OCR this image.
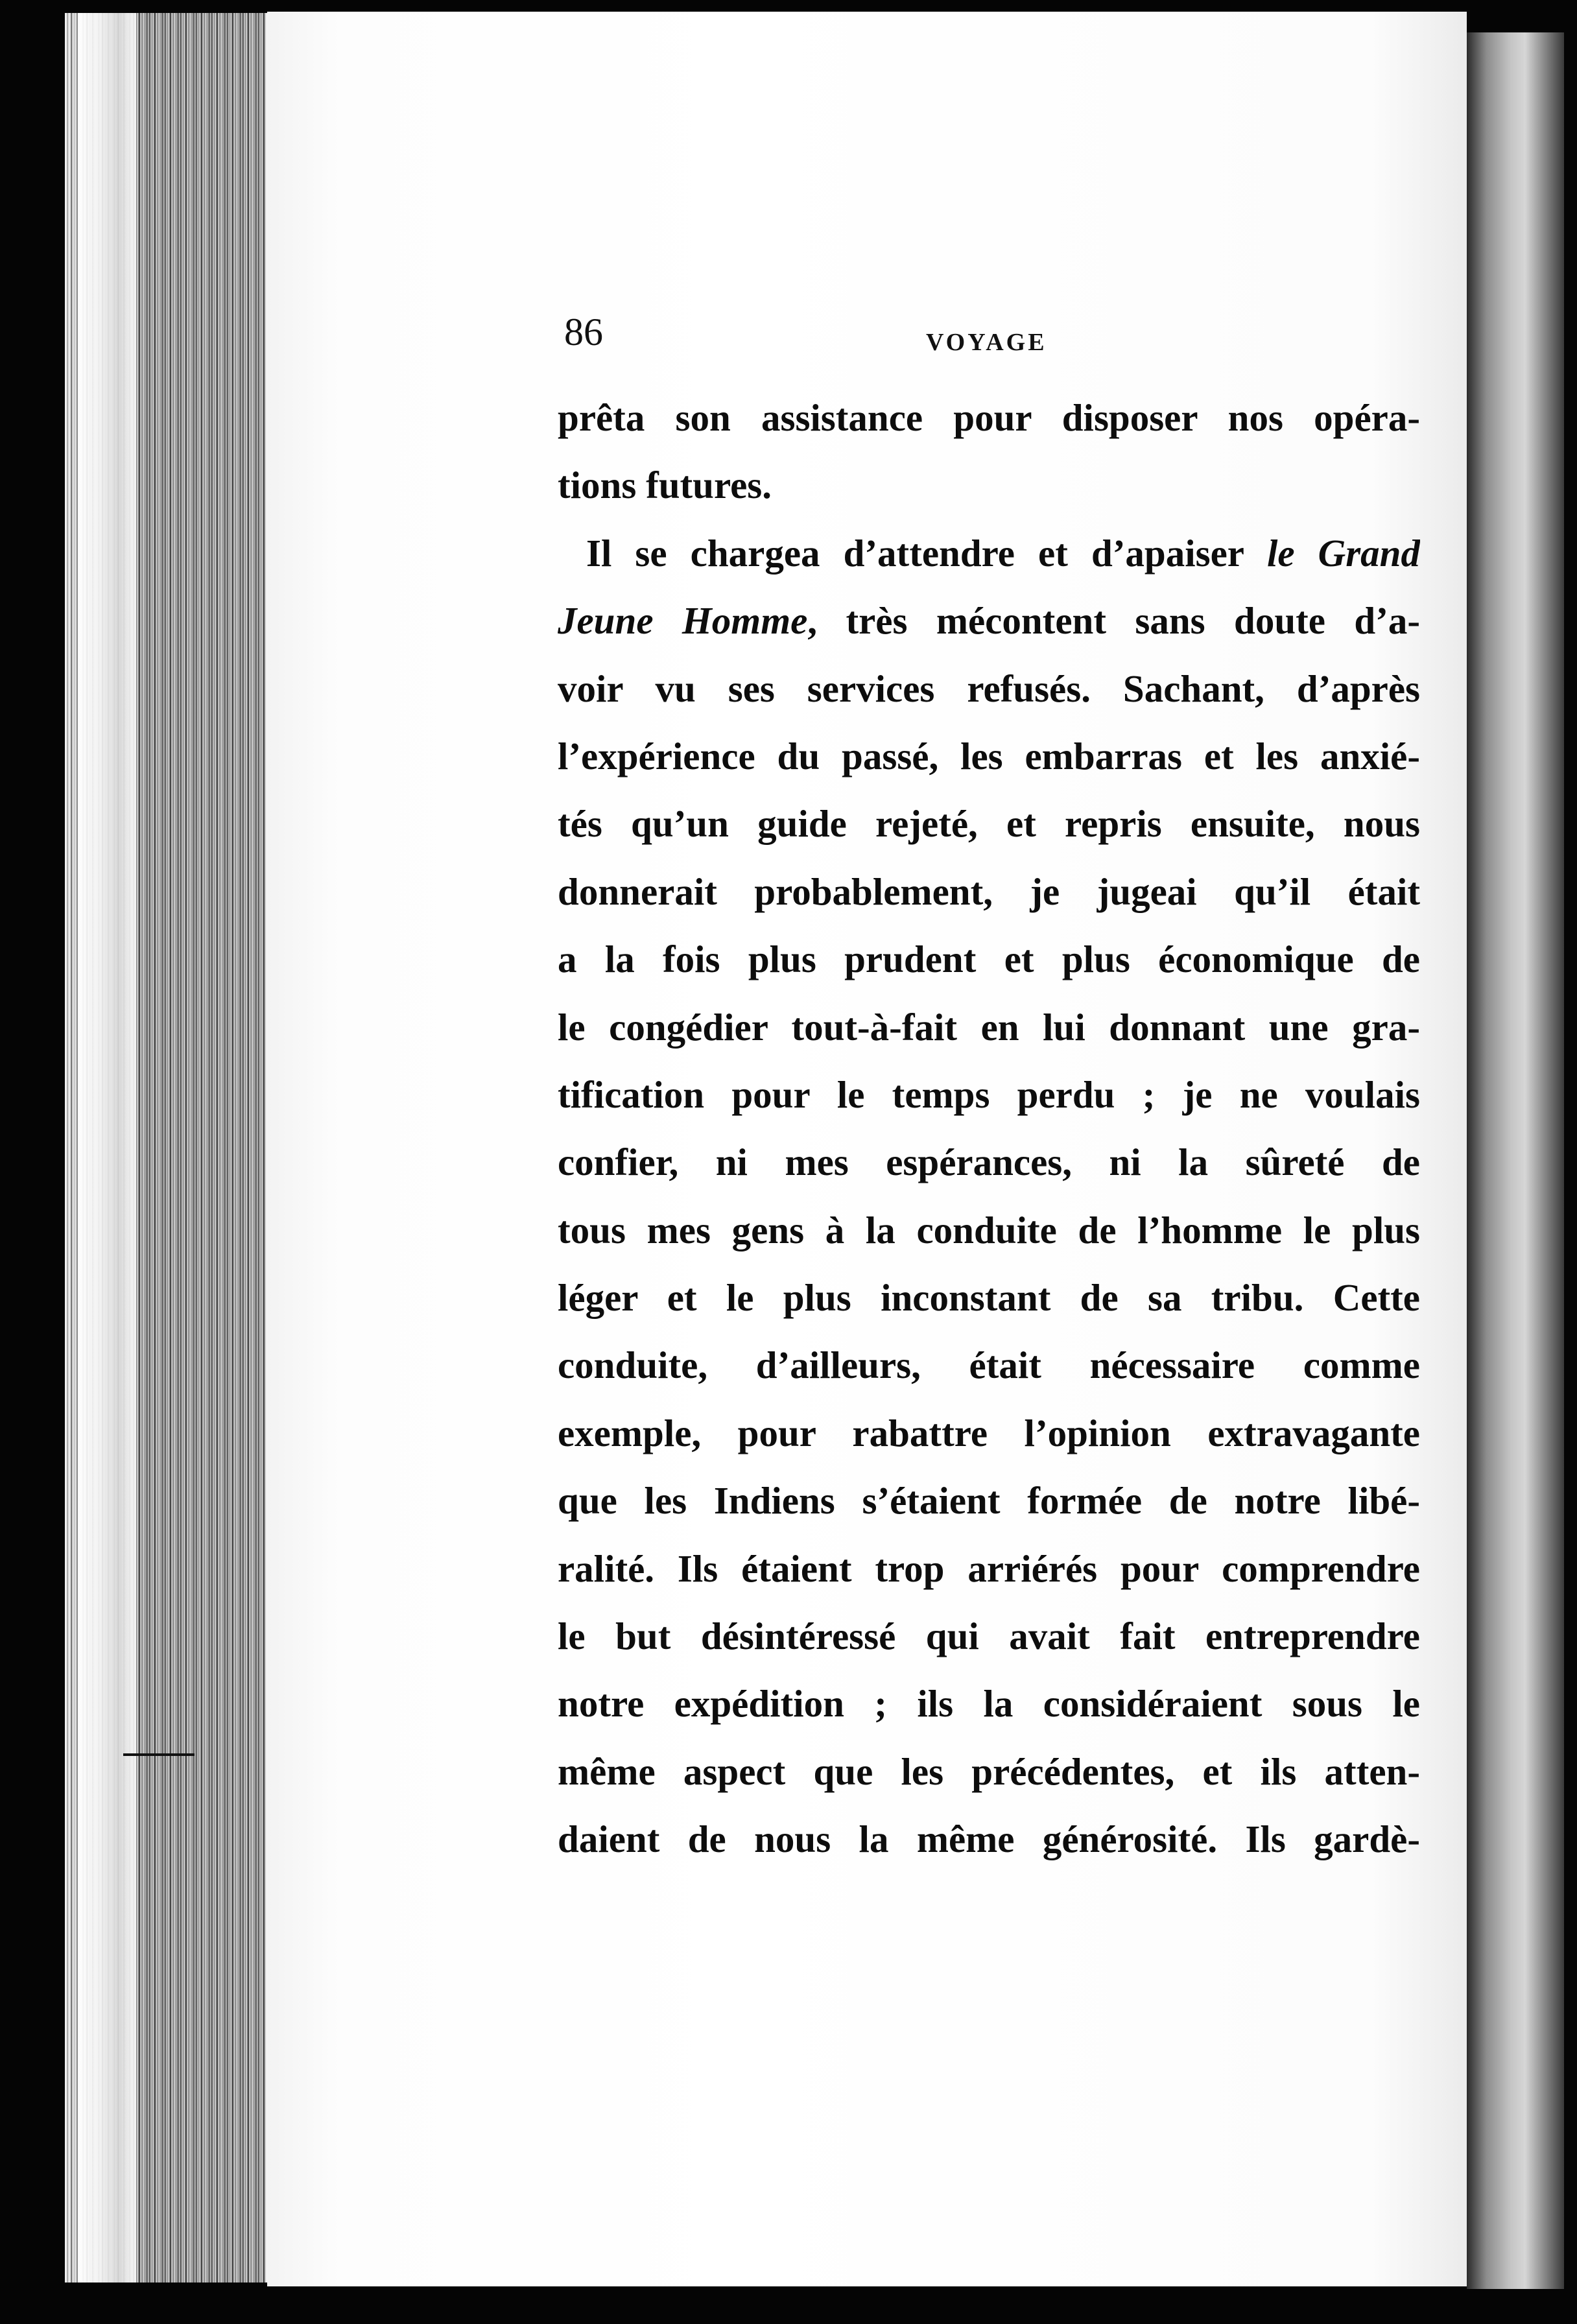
86	VOYAGE
prêta son assistance pour disposer nos opéra-
tions futures.
Il se chargea d’attendre et d’apaiser le Grand
Jeune Homme, très mécontent sans doute d’a-
voir vu ses services refusés. Sachant, d’après
l’expérience du passé, les embarras et les anxié-
tés qu’un guide rejeté, et repris ensuite, nous
donnerait probablement, je jugeai qu’il était
a la fois plus prudent et plus économique de
le congédier tout-à-fait en lui donnant une gra-
tification pour le temps perdu ; je ne voulais
confier, ni mes espérances, ni la sûreté de
tous mes gens à la conduite de l’homme le plus
léger et le plus inconstant de sa tribu. Cette
conduite, d’ailleurs, était nécessaire comme
exemple, pour rabattre l’opinion extravagante
que les Indiens s’étaient formée de notre libé-
ralité. Ils étaient trop arriérés pour comprendre
le but désintéressé qui avait fait entreprendre
notre expédition ; ils la considéraient sous le
même aspect que les précédentes, et ils atten-
daient de nous la même générosité. Ils gardè-
